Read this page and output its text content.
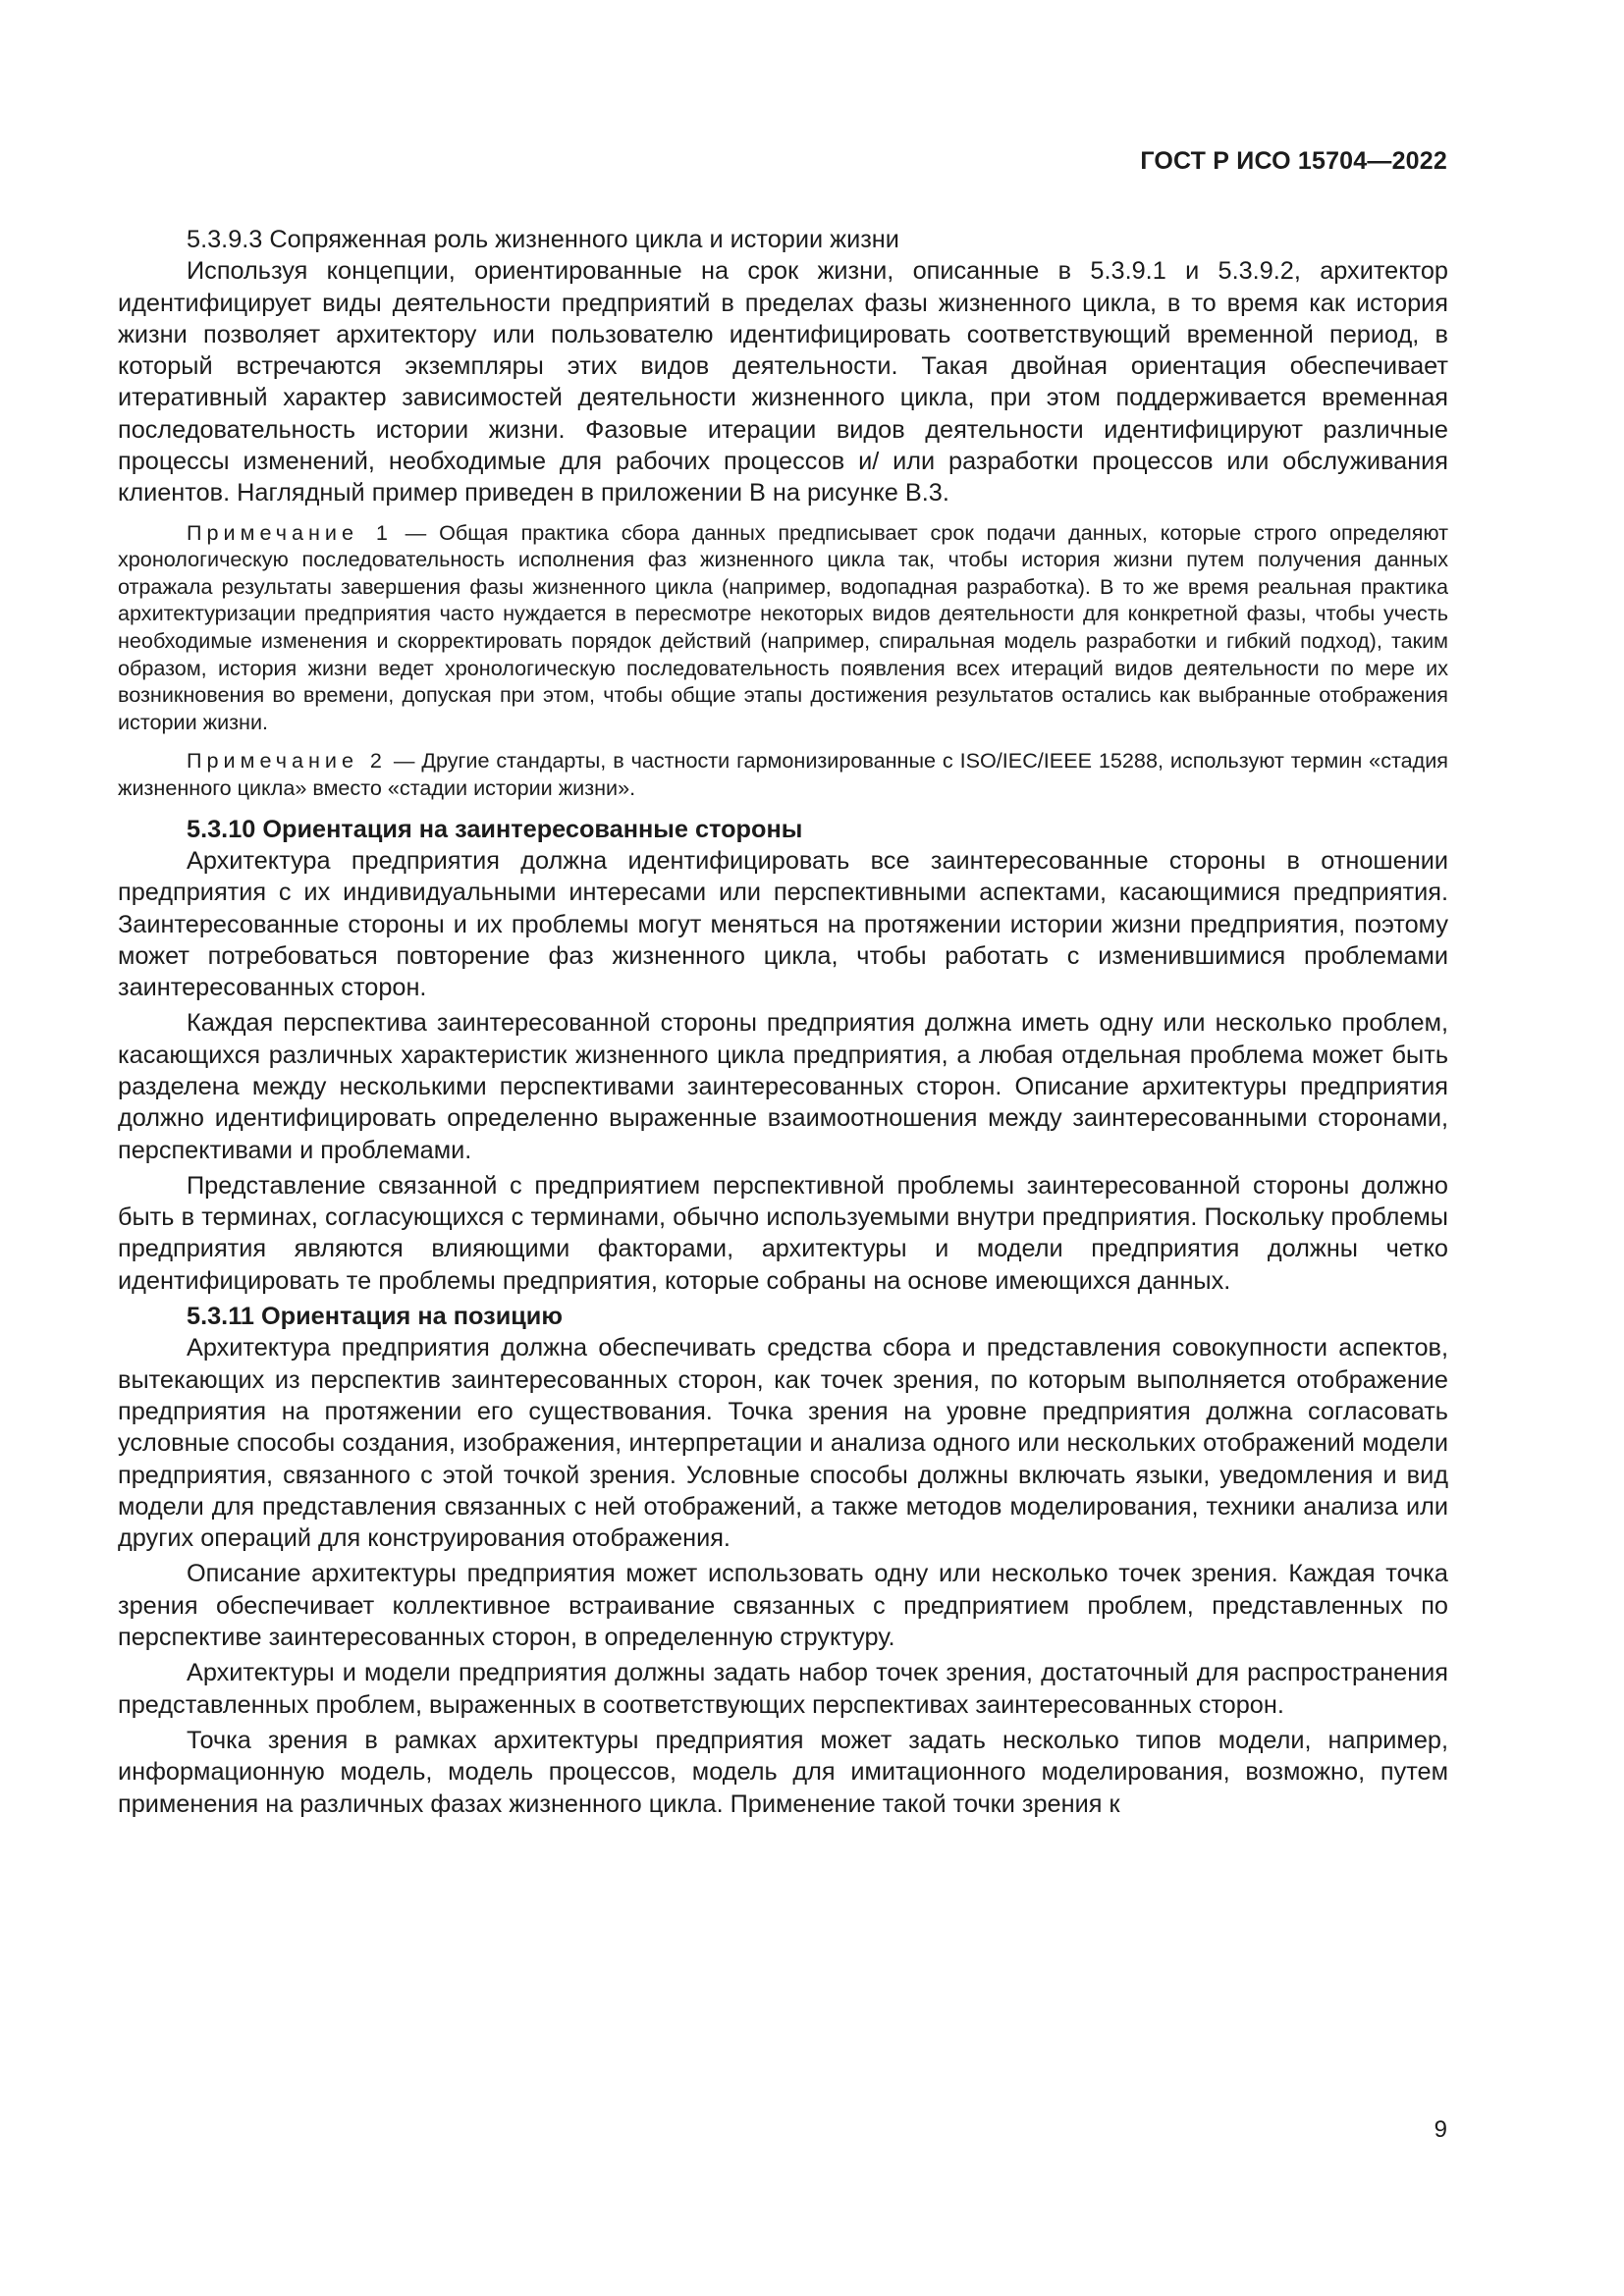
ГОСТ Р ИСО 15704—2022
5.3.9.3 Сопряженная роль жизненного цикла и истории жизни

Используя концепции, ориентированные на срок жизни, описанные в 5.3.9.1 и 5.3.9.2, архитектор идентифицирует виды деятельности предприятий в пределах фазы жизненного цикла, в то время как история жизни позволяет архитектору или пользователю идентифицировать соответствующий временной период, в который встречаются экземпляры этих видов деятельности. Такая двойная ориентация обеспечивает итеративный характер зависимостей деятельности жизненного цикла, при этом поддерживается временная последовательность истории жизни. Фазовые итерации видов деятельности идентифицируют различные процессы изменений, необходимые для рабочих процессов и/ или разработки процессов или обслуживания клиентов. Наглядный пример приведен в приложении В на рисунке В.3.

Примечание 1 — Общая практика сбора данных предписывает срок подачи данных, которые строго определяют хронологическую последовательность исполнения фаз жизненного цикла так, чтобы история жизни путем получения данных отражала результаты завершения фазы жизненного цикла (например, водопадная разработка). В то же время реальная практика архитектуризации предприятия часто нуждается в пересмотре некоторых видов деятельности для конкретной фазы, чтобы учесть необходимые изменения и скорректировать порядок действий (например, спиральная модель разработки и гибкий подход), таким образом, история жизни ведет хронологическую последовательность появления всех итераций видов деятельности по мере их возникновения во времени, допуская при этом, чтобы общие этапы достижения результатов остались как выбранные отображения истории жизни.

Примечание 2 — Другие стандарты, в частности гармонизированные с ISO/IEC/IEEE 15288, используют термин «стадия жизненного цикла» вместо «стадии истории жизни».

5.3.10 Ориентация на заинтересованные стороны

Архитектура предприятия должна идентифицировать все заинтересованные стороны в отношении предприятия с их индивидуальными интересами или перспективными аспектами, касающимися предприятия. Заинтересованные стороны и их проблемы могут меняться на протяжении истории жизни предприятия, поэтому может потребоваться повторение фаз жизненного цикла, чтобы работать с изменившимися проблемами заинтересованных сторон.

Каждая перспектива заинтересованной стороны предприятия должна иметь одну или несколько проблем, касающихся различных характеристик жизненного цикла предприятия, а любая отдельная проблема может быть разделена между несколькими перспективами заинтересованных сторон. Описание архитектуры предприятия должно идентифицировать определенно выраженные взаимоотношения между заинтересованными сторонами, перспективами и проблемами.

Представление связанной с предприятием перспективной проблемы заинтересованной стороны должно быть в терминах, согласующихся с терминами, обычно используемыми внутри предприятия. Поскольку проблемы предприятия являются влияющими факторами, архитектуры и модели предприятия должны четко идентифицировать те проблемы предприятия, которые собраны на основе имеющихся данных.

5.3.11 Ориентация на позицию

Архитектура предприятия должна обеспечивать средства сбора и представления совокупности аспектов, вытекающих из перспектив заинтересованных сторон, как точек зрения, по которым выполняется отображение предприятия на протяжении его существования. Точка зрения на уровне предприятия должна согласовать условные способы создания, изображения, интерпретации и анализа одного или нескольких отображений модели предприятия, связанного с этой точкой зрения. Условные способы должны включать языки, уведомления и вид модели для представления связанных с ней отображений, а также методов моделирования, техники анализа или других операций для конструирования отображения.

Описание архитектуры предприятия может использовать одну или несколько точек зрения. Каждая точка зрения обеспечивает коллективное встраивание связанных с предприятием проблем, представленных по перспективе заинтересованных сторон, в определенную структуру.

Архитектуры и модели предприятия должны задать набор точек зрения, достаточный для распространения представленных проблем, выраженных в соответствующих перспективах заинтересованных сторон.

Точка зрения в рамках архитектуры предприятия может задать несколько типов модели, например, информационную модель, модель процессов, модель для имитационного моделирования, возможно, путем применения на различных фазах жизненного цикла. Применение такой точки зрения к

9
